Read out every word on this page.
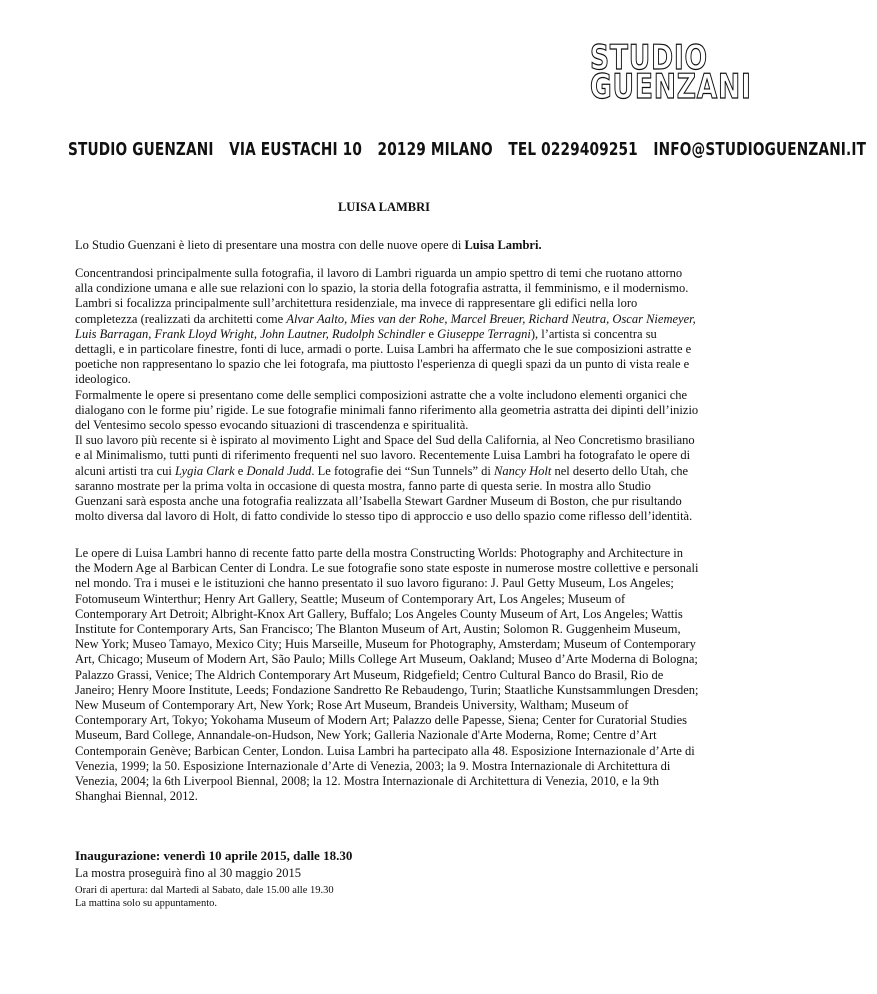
STUDIO
GUENZANI
STUDIO GUENZANI VIA EUSTACHI 10 20129 MILANO TEL 0229409251 INFO@STUDIOGUENZANI.IT
LUISA LAMBRI

Lo Studio Guenzani è lieto di presentare una mostra con delle nuove opere di Luisa Lambri.

Concentrandosi principalmente sulla fotografia, il lavoro di Lambri riguarda un ampio spettro di temi che ruotano attorno alla condizione umana e alle sue relazioni con lo spazio, la storia della fotografia astratta, il femminismo, e il modernismo.

Lambri si focalizza principalmente sull’architettura residenziale, ma invece di rappresentare gli edifici nella loro completezza (realizzati da architetti come Alvar Aalto, Mies van der Rohe, Marcel Breuer, Richard Neutra, Oscar Niemeyer, Luis Barragan, Frank Lloyd Wright, John Lautner, Rudolph Schindler e Giuseppe Terragni), l’artista si concentra su dettagli, e in particolare finestre, fonti di luce, armadi o porte. Luisa Lambri ha affermato che le sue composizioni astratte e poetiche non rappresentano lo spazio che lei fotografa, ma piuttosto l'esperienza di quegli spazi da un punto di vista reale e ideologico.

Formalmente le opere si presentano come delle semplici composizioni astratte che a volte includono elementi organici che dialogano con le forme piu’ rigide. Le sue fotografie minimali fanno riferimento alla geometria astratta dei dipinti dell’inizio del Ventesimo secolo spesso evocando situazioni di trascendenza e spiritualità.

Il suo lavoro più recente si è ispirato al movimento Light and Space del Sud della California, al Neo Concretismo brasiliano e al Minimalismo, tutti punti di riferimento frequenti nel suo lavoro. Recentemente Luisa Lambri ha fotografato le opere di alcuni artisti tra cui Lygia Clark e Donald Judd. Le fotografie dei “Sun Tunnels” di Nancy Holt nel deserto dello Utah, che saranno mostrate per la prima volta in occasione di questa mostra, fanno parte di questa serie. In mostra allo Studio Guenzani sarà esposta anche una fotografia realizzata all’Isabella Stewart Gardner Museum di Boston, che pur risultando molto diversa dal lavoro di Holt, di fatto condivide lo stesso tipo di approccio e uso dello spazio come riflesso dell’identità.

Le opere di Luisa Lambri hanno di recente fatto parte della mostra Constructing Worlds: Photography and Architecture in the Modern Age al Barbican Center di Londra. Le sue fotografie sono state esposte in numerose mostre collettive e personali nel mondo. Tra i musei e le istituzioni che hanno presentato il suo lavoro figurano: J. Paul Getty Museum, Los Angeles; Fotomuseum Winterthur; Henry Art Gallery, Seattle; Museum of Contemporary Art, Los Angeles; Museum of Contemporary Art Detroit; Albright-Knox Art Gallery, Buffalo; Los Angeles County Museum of Art, Los Angeles; Wattis Institute for Contemporary Arts, San Francisco; The Blanton Museum of Art, Austin; Solomon R. Guggenheim Museum, New York; Museo Tamayo, Mexico City; Huis Marseille, Museum for Photography, Amsterdam; Museum of Contemporary Art, Chicago; Museum of Modern Art, São Paulo; Mills College Art Museum, Oakland; Museo d’Arte Moderna di Bologna; Palazzo Grassi, Venice; The Aldrich Contemporary Art Museum, Ridgefield; Centro Cultural Banco do Brasil, Rio de Janeiro; Henry Moore Institute, Leeds; Fondazione Sandretto Re Rebaudengo, Turin; Staatliche Kunstsammlungen Dresden; New Museum of Contemporary Art, New York; Rose Art Museum, Brandeis University, Waltham; Museum of Contemporary Art, Tokyo; Yokohama Museum of Modern Art; Palazzo delle Papesse, Siena; Center for Curatorial Studies Museum, Bard College, Annandale-on-Hudson, New York; Galleria Nazionale d'Arte Moderna, Rome; Centre d’Art Contemporain Genève; Barbican Center, London. Luisa Lambri ha partecipato alla 48. Esposizione Internazionale d’Arte di Venezia, 1999; la 50. Esposizione Internazionale d’Arte di Venezia, 2003; la 9. Mostra Internazionale di Architettura di Venezia, 2004; la 6th Liverpool Biennal, 2008; la 12. Mostra Internazionale di Architettura di Venezia, 2010, e la 9th Shanghai Biennal, 2012.

Inaugurazione: venerdì 10 aprile 2015, dalle 18.30

La mostra proseguirà fino al 30 maggio 2015

Orari di apertura: dal Martedì al Sabato, dale 15.00 alle 19.30

La mattina solo su appuntamento.
